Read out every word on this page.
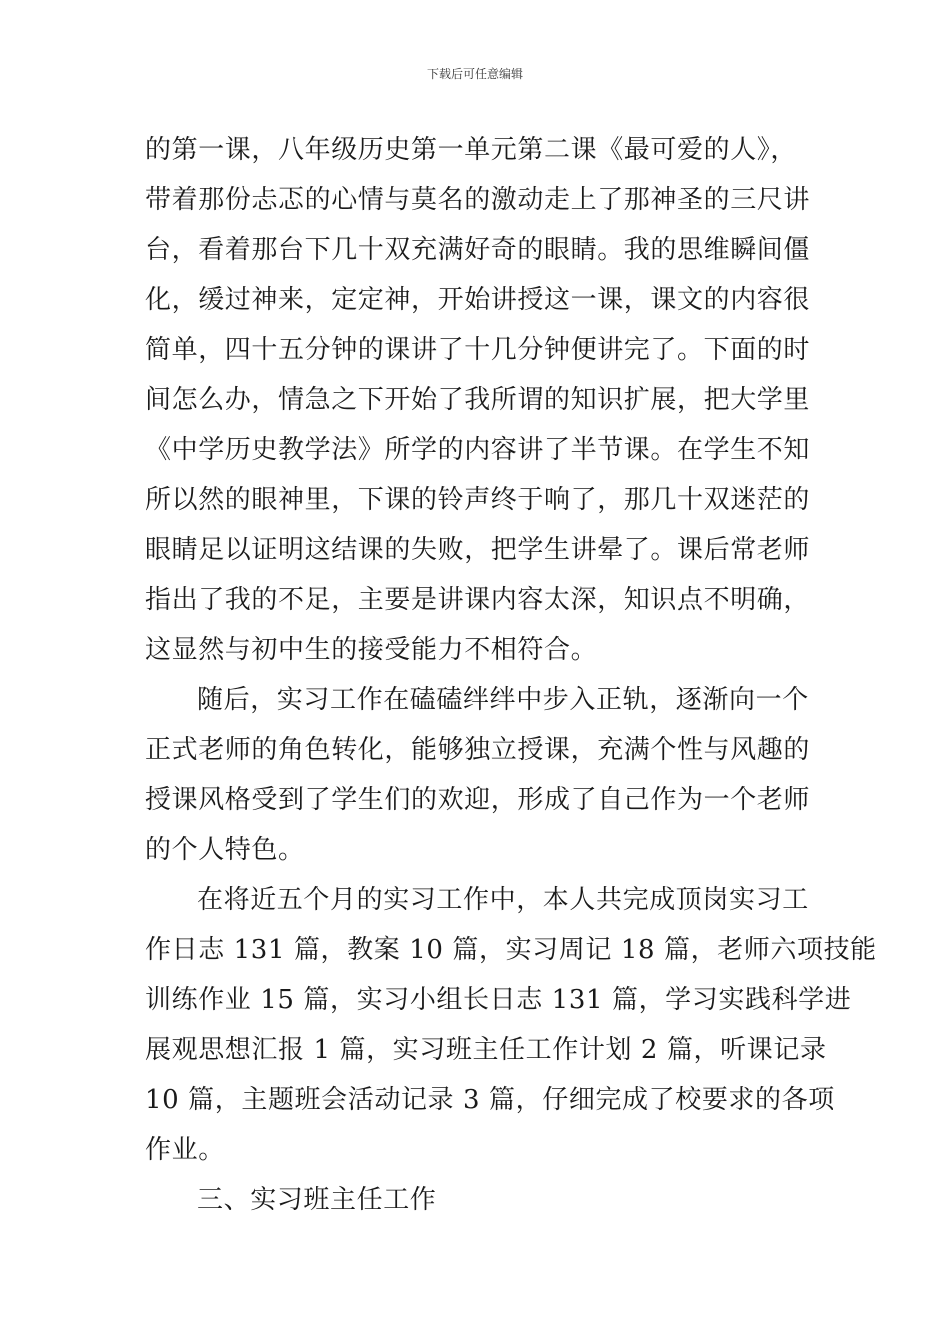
下载后可任意编辑
的第一课，八年级历史第一单元第二课《最可爱的人》，
带着那份忐忑的心情与莫名的激动走上了那神圣的三尺讲
台，看着那台下几十双充满好奇的眼睛。我的思维瞬间僵
化，缓过神来，定定神，开始讲授这一课，课文的内容很
简单，四十五分钟的课讲了十几分钟便讲完了。下面的时
间怎么办，情急之下开始了我所谓的知识扩展，把大学里
《中学历史教学法》所学的内容讲了半节课。在学生不知
所以然的眼神里，下课的铃声终于响了，那几十双迷茫的
眼睛足以证明这结课的失败，把学生讲晕了。课后常老师
指出了我的不足，主要是讲课内容太深，知识点不明确，
这显然与初中生的接受能力不相符合。
随后，实习工作在磕磕绊绊中步入正轨，逐渐向一个
正式老师的角色转化，能够独立授课，充满个性与风趣的
授课风格受到了学生们的欢迎，形成了自己作为一个老师
的个人特色。
在将近五个月的实习工作中，本人共完成顶岗实习工
作日志 131 篇，教案 10 篇，实习周记 18 篇，老师六项技能
训练作业 15 篇，实习小组长日志 131 篇，学习实践科学进
展观思想汇报 1 篇，实习班主任工作计划 2 篇，听课记录
10 篇，主题班会活动记录 3 篇，仔细完成了校要求的各项
作业。
三、实习班主任工作
